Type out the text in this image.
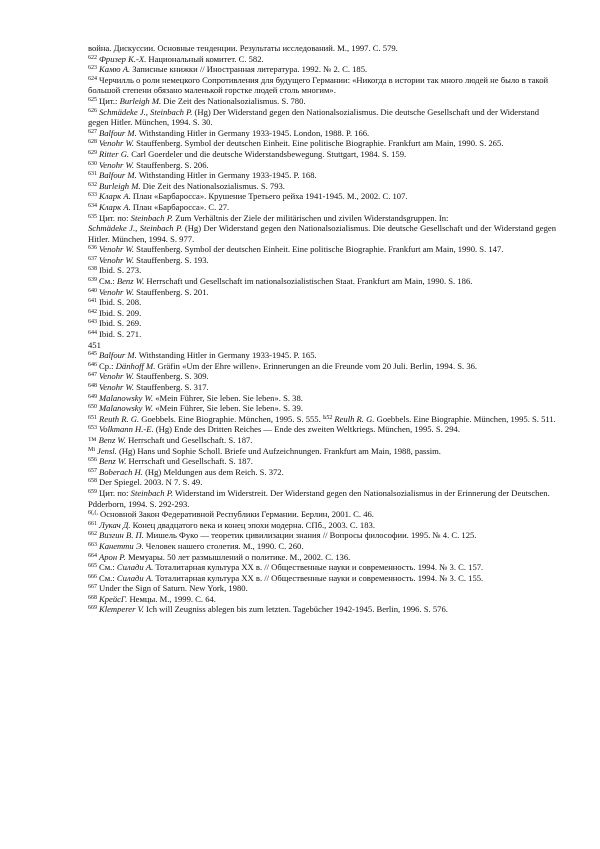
война. Дискуссии. Основные тенденции. Результаты исследований. М., 1997. С. 579.

$^{622}$ Фризер К.-Х. Национальный комитет. С. 582.

$^{623}$ Камю А. Записные книжки // Иностранная литература. 1992. № 2. С. 185.

$^{624}$ Черчилль о роли немецкого Сопротивления для будущего Германии: «Никогда в истории так много людей не было в такой большой степени обязано маленькой горстке людей столь многим».

$^{625}$ Цит.: Burleigh M. Die Zeit des Nationalsozialismus. S. 780.

$^{626}$ Schmädeke J., Steinbach P. (Hg) Der Widerstand gegen den Nationalsozialismus. Die deutsche Gesellschaft und der Widerstand gegen Hitler. München, 1994. S. 30.

$^{627}$ Balfour M. Withstanding Hitler in Germany 1933-1945. London, 1988. P. 166.

$^{628}$ Venohr W. Stauffenberg. Symbol der deutschen Einheit. Eine politische Biographie. Frankfurt am Main, 1990. S. 265.

$^{629}$ Ritter G. Carl Goerdeler und die deutsche Widerstandsbewegung. Stuttgart, 1984. S. 159.

$^{630}$ Venohr W. Stauffenberg. S. 206.

$^{631}$ Balfour M. Withstanding Hitler in Germany 1933-1945. P. 168.

$^{632}$ Burleigh M. Die Zeit des Nationalsozialismus. S. 793.

$^{633}$ Кларк А. План «Барбаросса». Крушение Третьего рейха 1941-1945. М., 2002. С. 107.

$^{634}$ Кларк А. План «Барбаросса». С. 27.

$^{635}$ Цит. по: Steinbach P. Zum Verhältnis der Ziele der militärischen und zivilen Widerstandsgruppen. In:

Schmädeke J., Steinbach P. (Hg) Der Widerstand gegen den Nationalsozialismus. Die deutsche Gesellschaft und der Widerstand gegen Hitler. München, 1994. S. 977.

$^{636}$ Venohr W. Stauffenberg. Symbol der deutschen Einheit. Eine politische Biographie. Frankfurt am Main, 1990. S. 147.

$^{637}$ Venohr W. Stauffenberg. S. 193.

$^{638}$ Ibid. S. 273.

$^{639}$ См.: Benz W. Herrschaft und Gesellschaft im nationalsozialistischen Staat. Frankfurt am Main, 1990. S. 186.

$^{640}$ Venohr W. Stauffenberg. S. 201.

$^{641}$ Ibid. S. 208.

$^{642}$ Ibid. S. 209.

$^{643}$ Ibid. S. 269.

$^{644}$ Ibid. S. 271.

451

$^{645}$ Balfour M. Withstanding Hitler in Germany 1933-1945. P. 165.

$^{646}$ Ср.: Dänhoff M. Gräfin «Um der Ehre willen». Erinnerungen an die Freunde vom 20 Juli. Berlin, 1994. S. 36.

$^{647}$ Venohr W. Stauffenberg. S. 309.

$^{648}$ Venohr W. Stauffenberg. S. 317.

$^{649}$ Malanowsky W. «Mein Führer, Sie leben. Sie leben». S. 38.

$^{650}$ Malanowsky W. «Mein Führer, Sie leben. Sie leben». S. 39.

$^{651}$ Reuth R. G. Goebbels. Eine Biographie. München, 1995. S. 555. $^{Ь52}$ Reulh R. G. Goebbels. Eine Biographie. München, 1995. S. 511. $^{653}$ Volkmann H.-E. (Hg) Ende des Dritten Reiches — Ende des zweiten Weltkriegs. München, 1995. S. 294.

™ Benz W. Herrschaft und Gesellschaft. S. 187.

$^{Mi}$ Jensl. (Hg) Hans und Sophie Scholl. Briefe und Aufzeichnungen. Frankfurt am Main, 1988, passim.

$^{656}$ Benz W. Herrschaft und Gesellschaft. S. 187.

$^{657}$ Boberach H. (Hg) Meldungen aus dem Reich. S. 372.

$^{658}$ Der Spiegel. 2003. N 7. S. 49.

$^{659}$ Цит. по: Steinbach P. Widerstand im Widerstreit. Der Widerstand gegen den Nationalsozialismus in der Erinnerung der Deutschen. Pdderborn, 1994. S. 292-293.

$^{6(,(,}$ Основной Закон Федеративной Республики Германии. Берлин, 2001. С. 46.

$^{661}$ Лукач Д. Конец двадцатого века и конец эпохи модерна. СПб., 2003. С. 183.

$^{662}$ Визгин В. П. Мишель Фуко — теоретик цивилизации знания // Вопросы философии. 1995. № 4. С. 125.

$^{663}$ Канетти Э. Человек нашего столетия. М., 1990. С. 260.

$^{664}$ Арон Р. Мемуары. 50 лет размышлений о политике. М., 2002. С. 136.

$^{665}$ См.: Силади А. Тоталитарная культура XX в. // Общественные науки и современность. 1994. № 3. С. 157.

$^{666}$ См.: Силади А. Тоталитарная культура XX в. // Общественные науки и современность. 1994. № 3. С. 155.

$^{667}$ Under the Sign of Saturn. New York, 1980.

$^{668}$ КрейсГ. Немцы. М., 1999. С. 64.

$^{669}$ Klemperer V. Ich will Zeugniss ablegen bis zum letzten. Tagebücher 1942-1945. Berlin, 1996. S. 576.
